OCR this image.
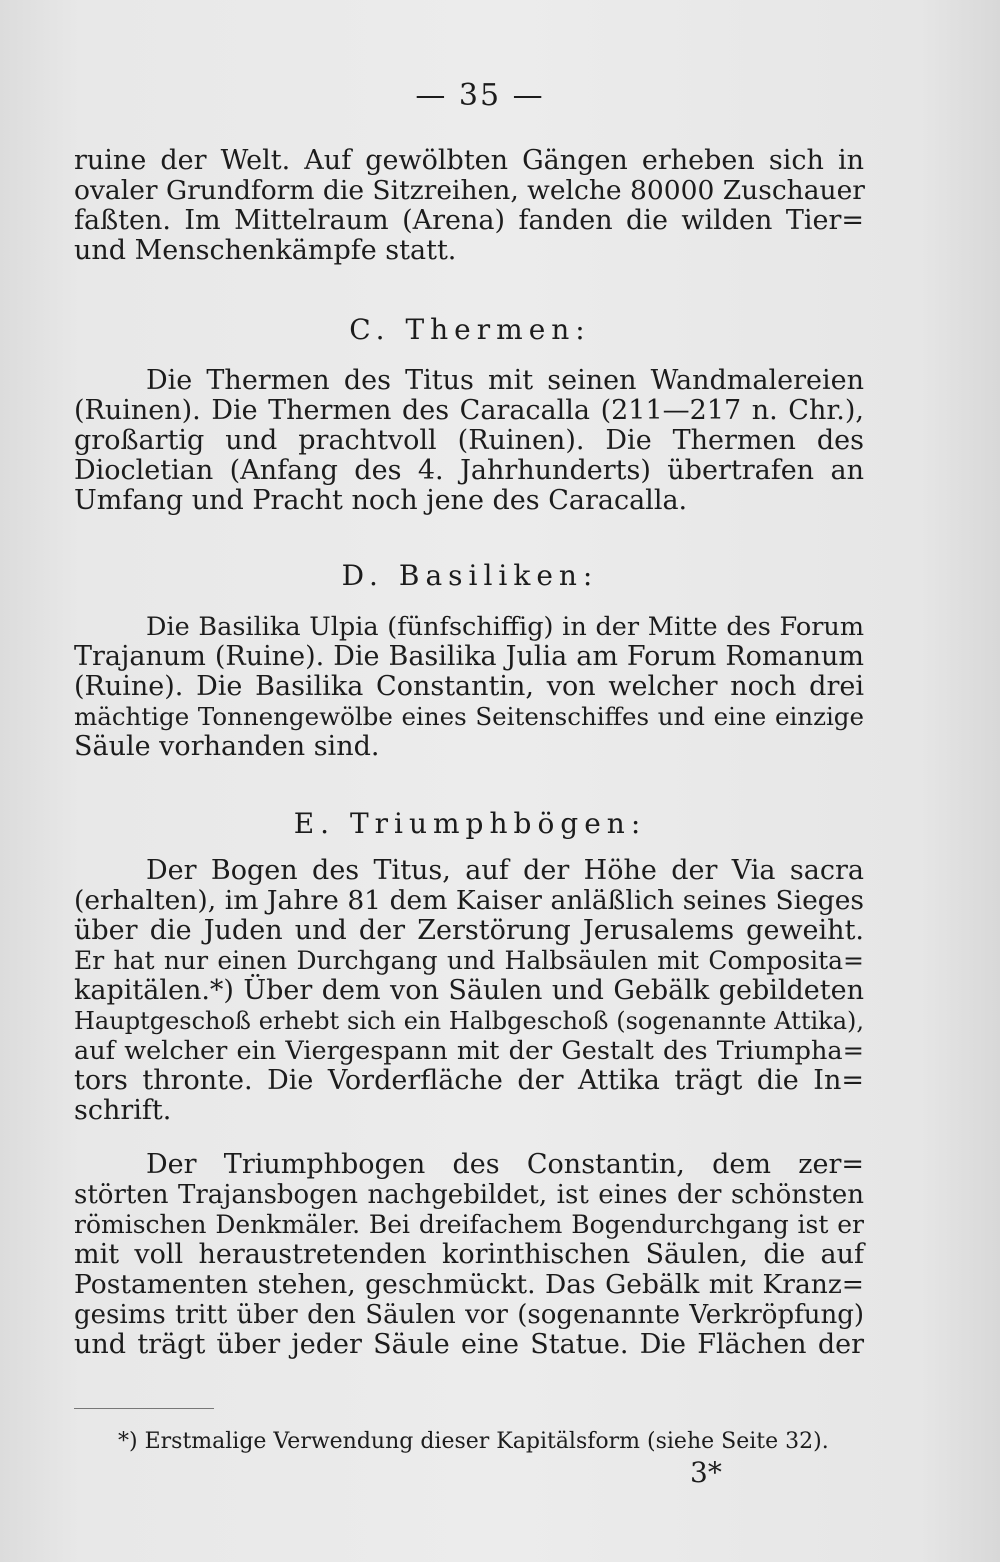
— 35 —
ruine der Welt. Auf gewölbten Gängen erheben sich in
ovaler Grundform die Sitzreihen, welche 80000 Zuschauer
faßten. Im Mittelraum (Arena) fanden die wilden Tier=
und Menschenkämpfe statt.
C. Thermen:
Die Thermen des Titus mit seinen Wandmalereien
(Ruinen). Die Thermen des Caracalla (211—217 n. Chr.),
großartig und prachtvoll (Ruinen). Die Thermen des
Diocletian (Anfang des 4. Jahrhunderts) übertrafen an
Umfang und Pracht noch jene des Caracalla.
D. Basiliken:
Die Basilika Ulpia (fünfschiffig) in der Mitte des Forum
Trajanum (Ruine). Die Basilika Julia am Forum Romanum
(Ruine). Die Basilika Constantin, von welcher noch drei
mächtige Tonnengewölbe eines Seitenschiffes und eine einzige
Säule vorhanden sind.
E. Triumphbögen:
Der Bogen des Titus, auf der Höhe der Via sacra
(erhalten), im Jahre 81 dem Kaiser anläßlich seines Sieges
über die Juden und der Zerstörung Jerusalems geweiht.
Er hat nur einen Durchgang und Halbsäulen mit Composita=
kapitälen.*) Über dem von Säulen und Gebälk gebildeten
Hauptgeschoß erhebt sich ein Halbgeschoß (sogenannte Attika),
auf welcher ein Viergespann mit der Gestalt des Triumpha=
tors thronte. Die Vorderfläche der Attika trägt die In=
schrift.
Der Triumphbogen des Constantin, dem zer=
störten Trajansbogen nachgebildet, ist eines der schönsten
römischen Denkmäler. Bei dreifachem Bogendurchgang ist er
mit voll heraustretenden korinthischen Säulen, die auf
Postamenten stehen, geschmückt. Das Gebälk mit Kranz=
gesims tritt über den Säulen vor (sogenannte Verkröpfung)
und trägt über jeder Säule eine Statue. Die Flächen der
*) Erstmalige Verwendung dieser Kapitälsform (siehe Seite 32).
3*
